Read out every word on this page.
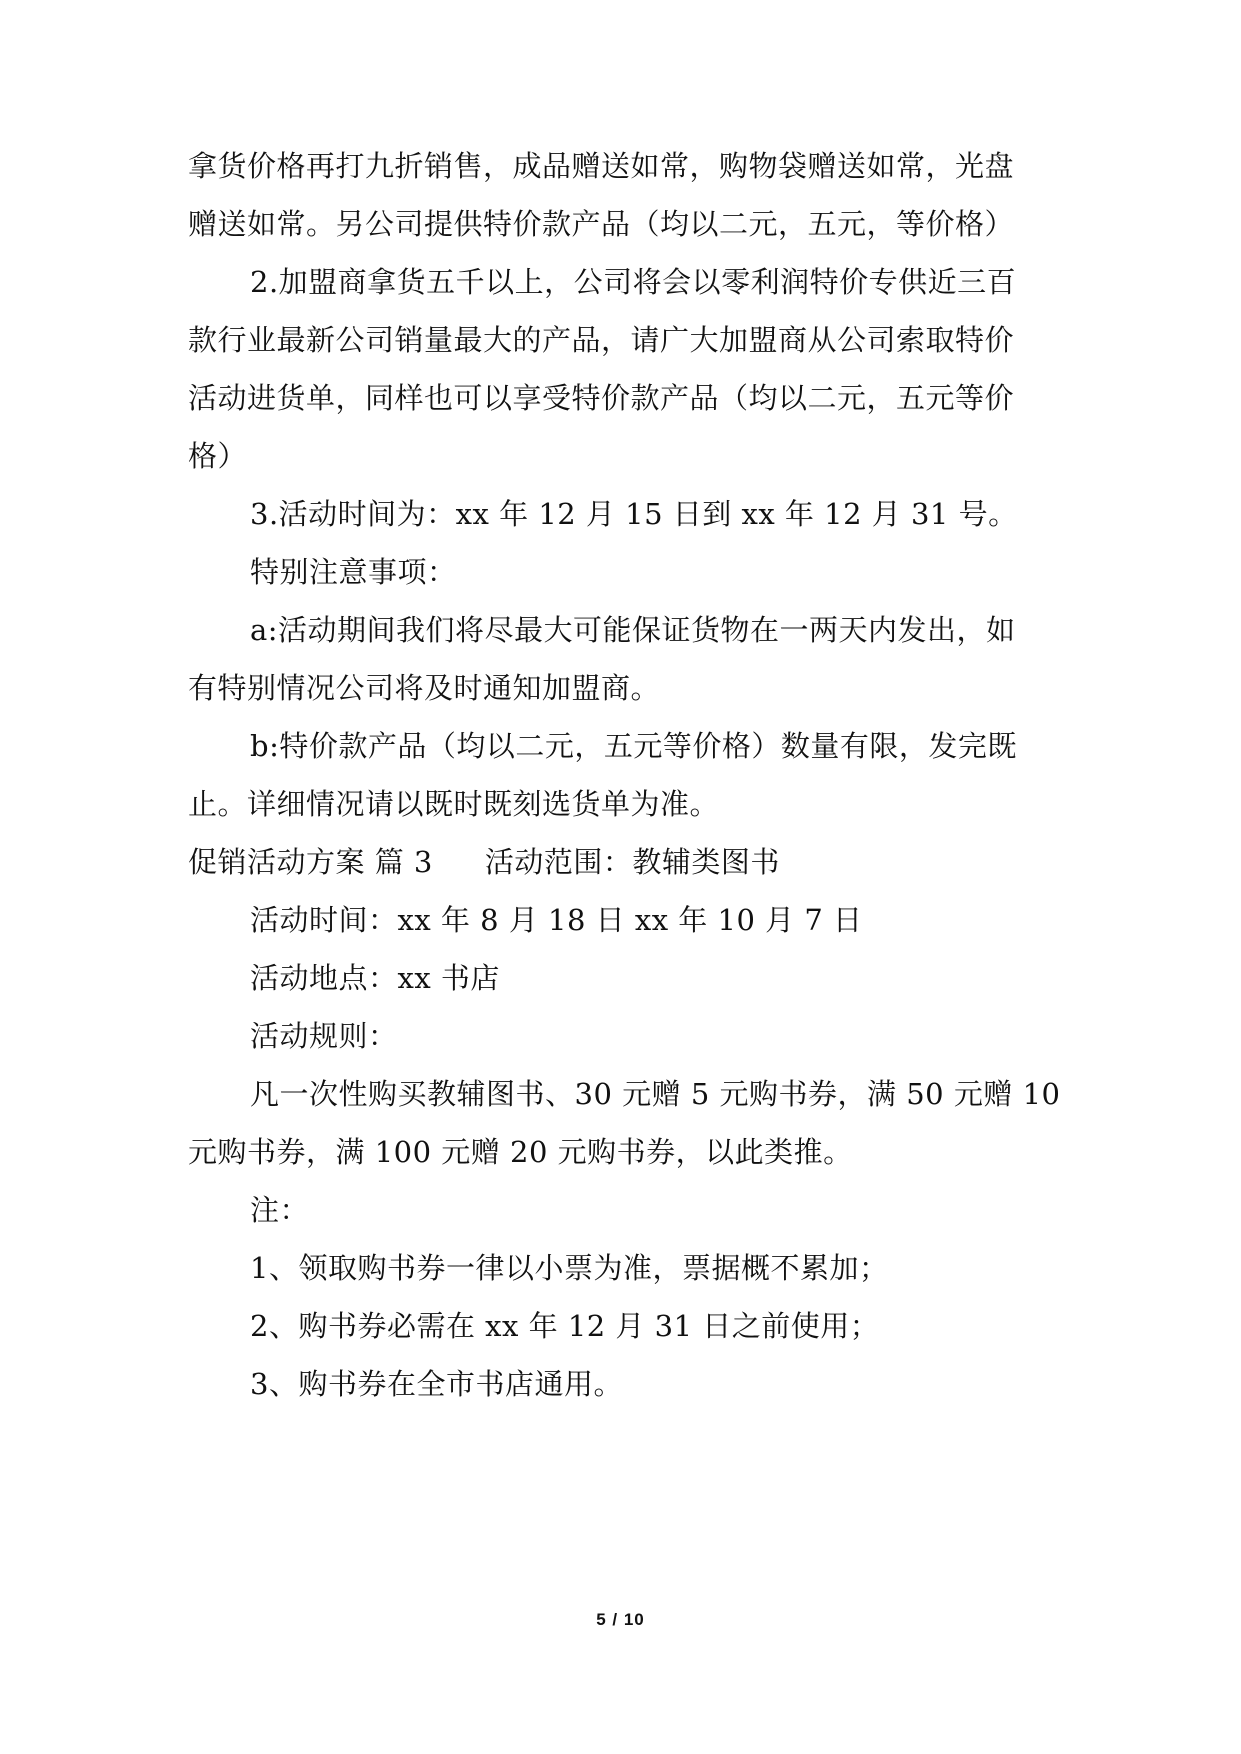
拿货价格再打九折销售，成品赠送如常，购物袋赠送如常，光盘
赠送如常。另公司提供特价款产品（均以二元，五元，等价格）
2.加盟商拿货五千以上，公司将会以零利润特价专供近三百
款行业最新公司销量最大的产品，请广大加盟商从公司索取特价
活动进货单，同样也可以享受特价款产品（均以二元，五元等价
格）
3.活动时间为：xx 年 12 月 15 日到 xx 年 12 月 31 号。
特别注意事项：
a:活动期间我们将尽最大可能保证货物在一两天内发出，如
有特别情况公司将及时通知加盟商。
b:特价款产品（均以二元，五元等价格）数量有限，发完既
止。详细情况请以既时既刻选货单为准。
促销活动方案 篇 3 活动范围：教辅类图书
活动时间：xx 年 8 月 18 日 xx 年 10 月 7 日
活动地点：xx 书店
活动规则：
凡一次性购买教辅图书、30 元赠 5 元购书券，满 50 元赠 10
元购书券，满 100 元赠 20 元购书券，以此类推。
注：
1、领取购书券一律以小票为准，票据概不累加；
2、购书券必需在 xx 年 12 月 31 日之前使用；
3、购书券在全市书店通用。
5 / 10
